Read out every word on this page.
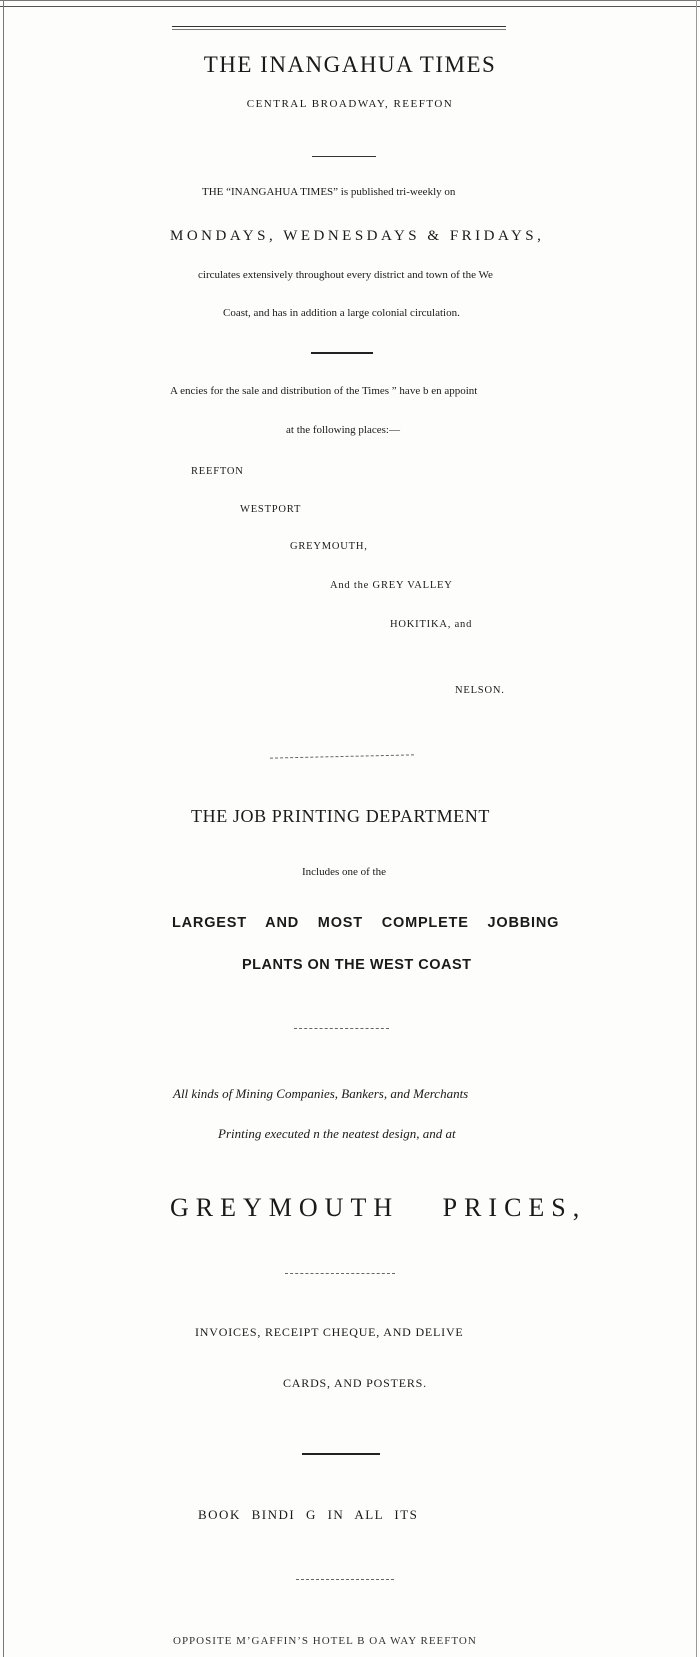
THE INANGAHUA TIMES
CENTRAL BROADWAY, REEFTON
THE “INANGAHUA TIMES” is published tri-weekly on
MONDAYS, WEDNESDAYS & FRIDAYS,
circulates extensively throughout every district and town of the We
Coast, and has in addition a large colonial circulation.
A encies for the sale and distribution of the Times ” have b en appoint
at the following places:—
REEFTON
WESTPORT
GREYMOUTH,
And the GREY VALLEY
HOKITIKA, and
NELSON.
THE JOB PRINTING DEPARTMENT
Includes one of the
LARGEST AND MOST COMPLETE JOBBING
PLANTS ON THE WEST COAST
All kinds of Mining Companies, Bankers, and Merchants
Printing executed n the neatest design, and at
GREYMOUTH PRICES,
INVOICES, RECEIPT CHEQUE, AND DELIVE
CARDS, AND POSTERS.
BOOK BINDI G IN ALL ITS
OPPOSITE M’GAFFIN’S HOTEL B OA WAY REEFTON
